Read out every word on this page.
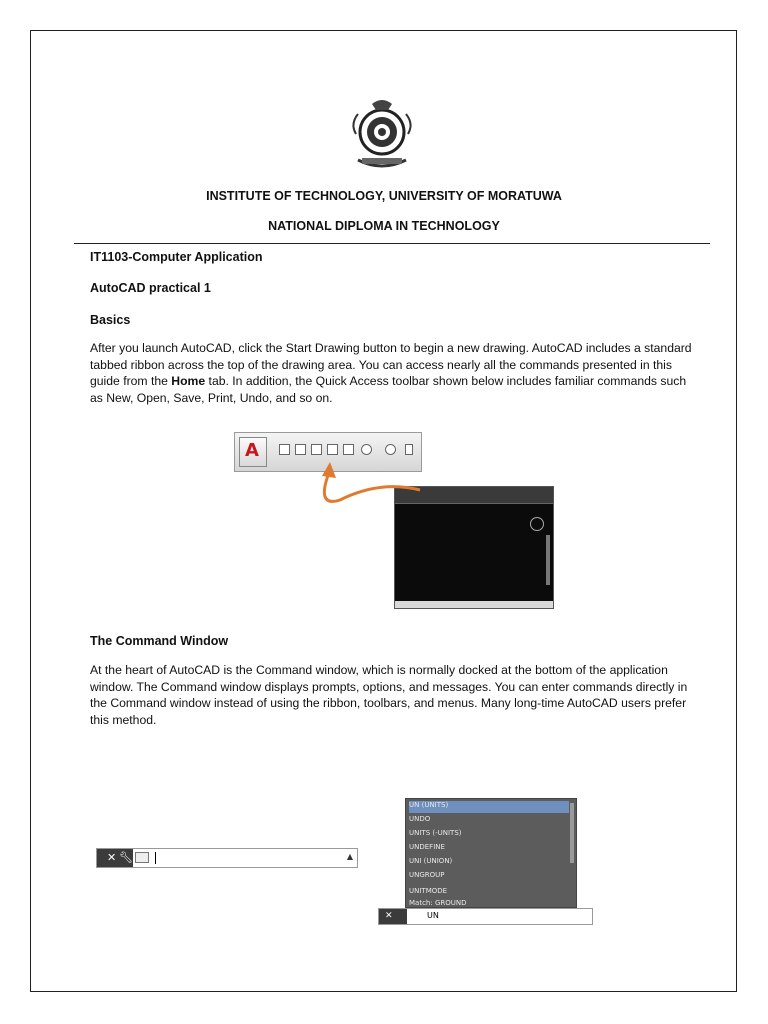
INSTITUTE OF TECHNOLOGY, UNIVERSITY OF MORATUWA
NATIONAL DIPLOMA IN TECHNOLOGY
IT1103-Computer Application
AutoCAD practical 1
Basics

After you launch AutoCAD, click the Start Drawing button to begin a new drawing. AutoCAD includes a standard tabbed ribbon across the top of the drawing area. You can access nearly all the commands presented in this guide from the Home tab. In addition, the Quick Access toolbar shown below includes familiar commands such as New, Open, Save, Print, Undo, and so on.

A
The Command Window

At the heart of AutoCAD is the Command window, which is normally docked at the bottom of the application window. The Command window displays prompts, options, and messages. You can enter commands directly in the Command window instead of using the ribbon, toolbars, and menus. Many long-time AutoCAD users prefer this method.

✕ 🔧︎	▲
UN (UNITS)
UNDO
UNITS (-UNITS)
UNDEFINE
UNI (UNION)
UNGROUP
UNITMODE
Match: GROUND
✕	UN
